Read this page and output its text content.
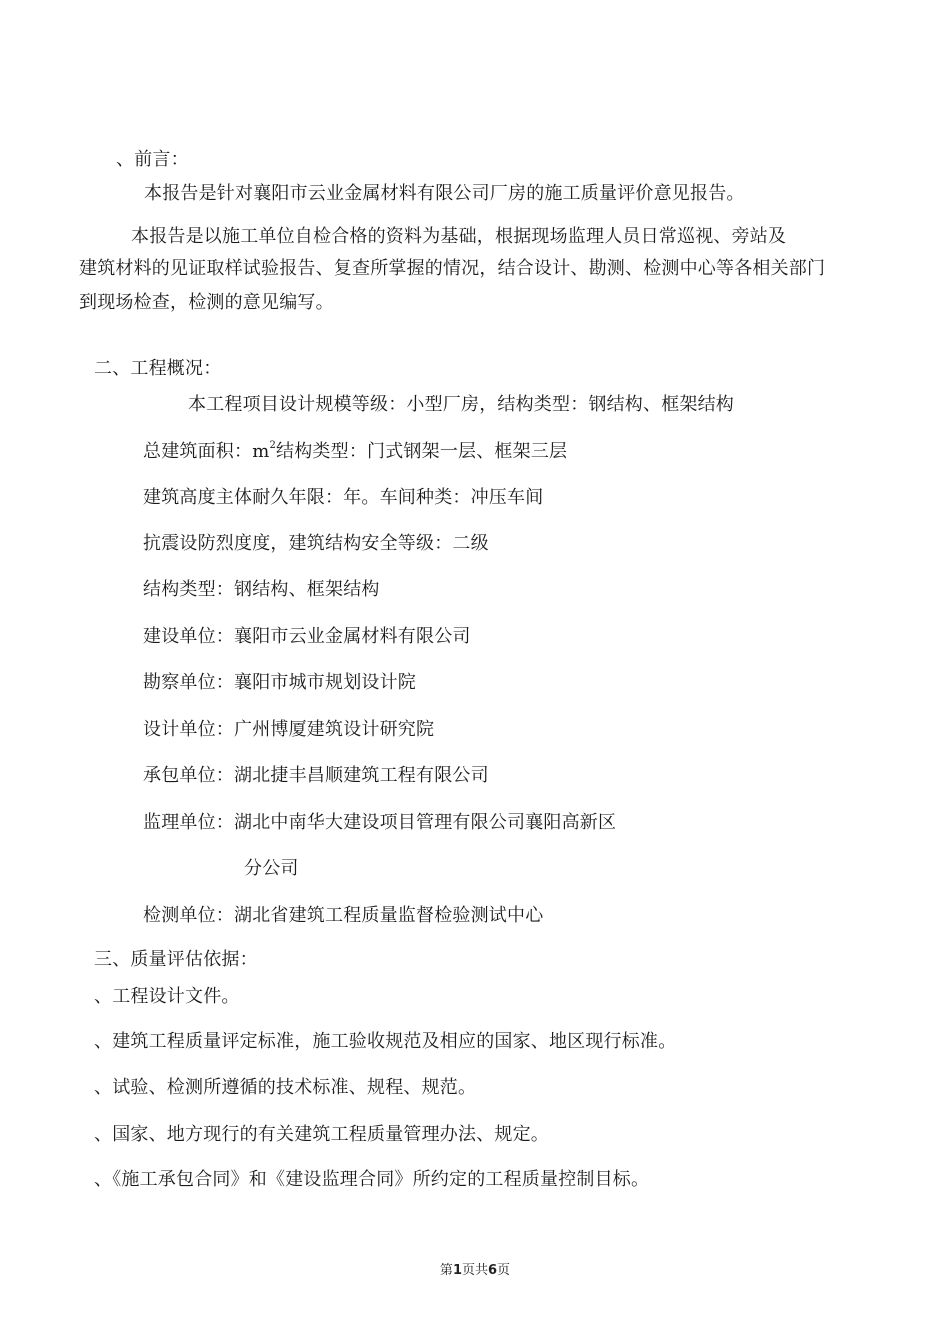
、前言：
本报告是针对襄阳市云业金属材料有限公司厂房的施工质量评价意见报告。
本报告是以施工单位自检合格的资料为基础，根据现场监理人员日常巡视、旁站及
建筑材料的见证取样试验报告、复查所掌握的情况，结合设计、勘测、检测中心等各相关部门
到现场检查，检测的意见编写。
二、工程概况：
本工程项目设计规模等级：小型厂房，结构类型：钢结构、框架结构
总建筑面积：$m^2$结构类型：门式钢架一层、框架三层
建筑高度主体耐久年限：年。车间种类：冲压车间
抗震设防烈度度，建筑结构安全等级：二级
结构类型：钢结构、框架结构
建设单位：襄阳市云业金属材料有限公司
勘察单位：襄阳市城市规划设计院
设计单位：广州博厦建筑设计研究院
承包单位：湖北捷丰昌顺建筑工程有限公司
监理单位：湖北中南华大建设项目管理有限公司襄阳高新区
分公司
检测单位：湖北省建筑工程质量监督检验测试中心
三、质量评估依据：
、工程设计文件。
、建筑工程质量评定标准，施工验收规范及相应的国家、地区现行标准。
、试验、检测所遵循的技术标准、规程、规范。
、国家、地方现行的有关建筑工程质量管理办法、规定。
、《施工承包合同》和《建设监理合同》所约定的工程质量控制目标。
第1页共6页
